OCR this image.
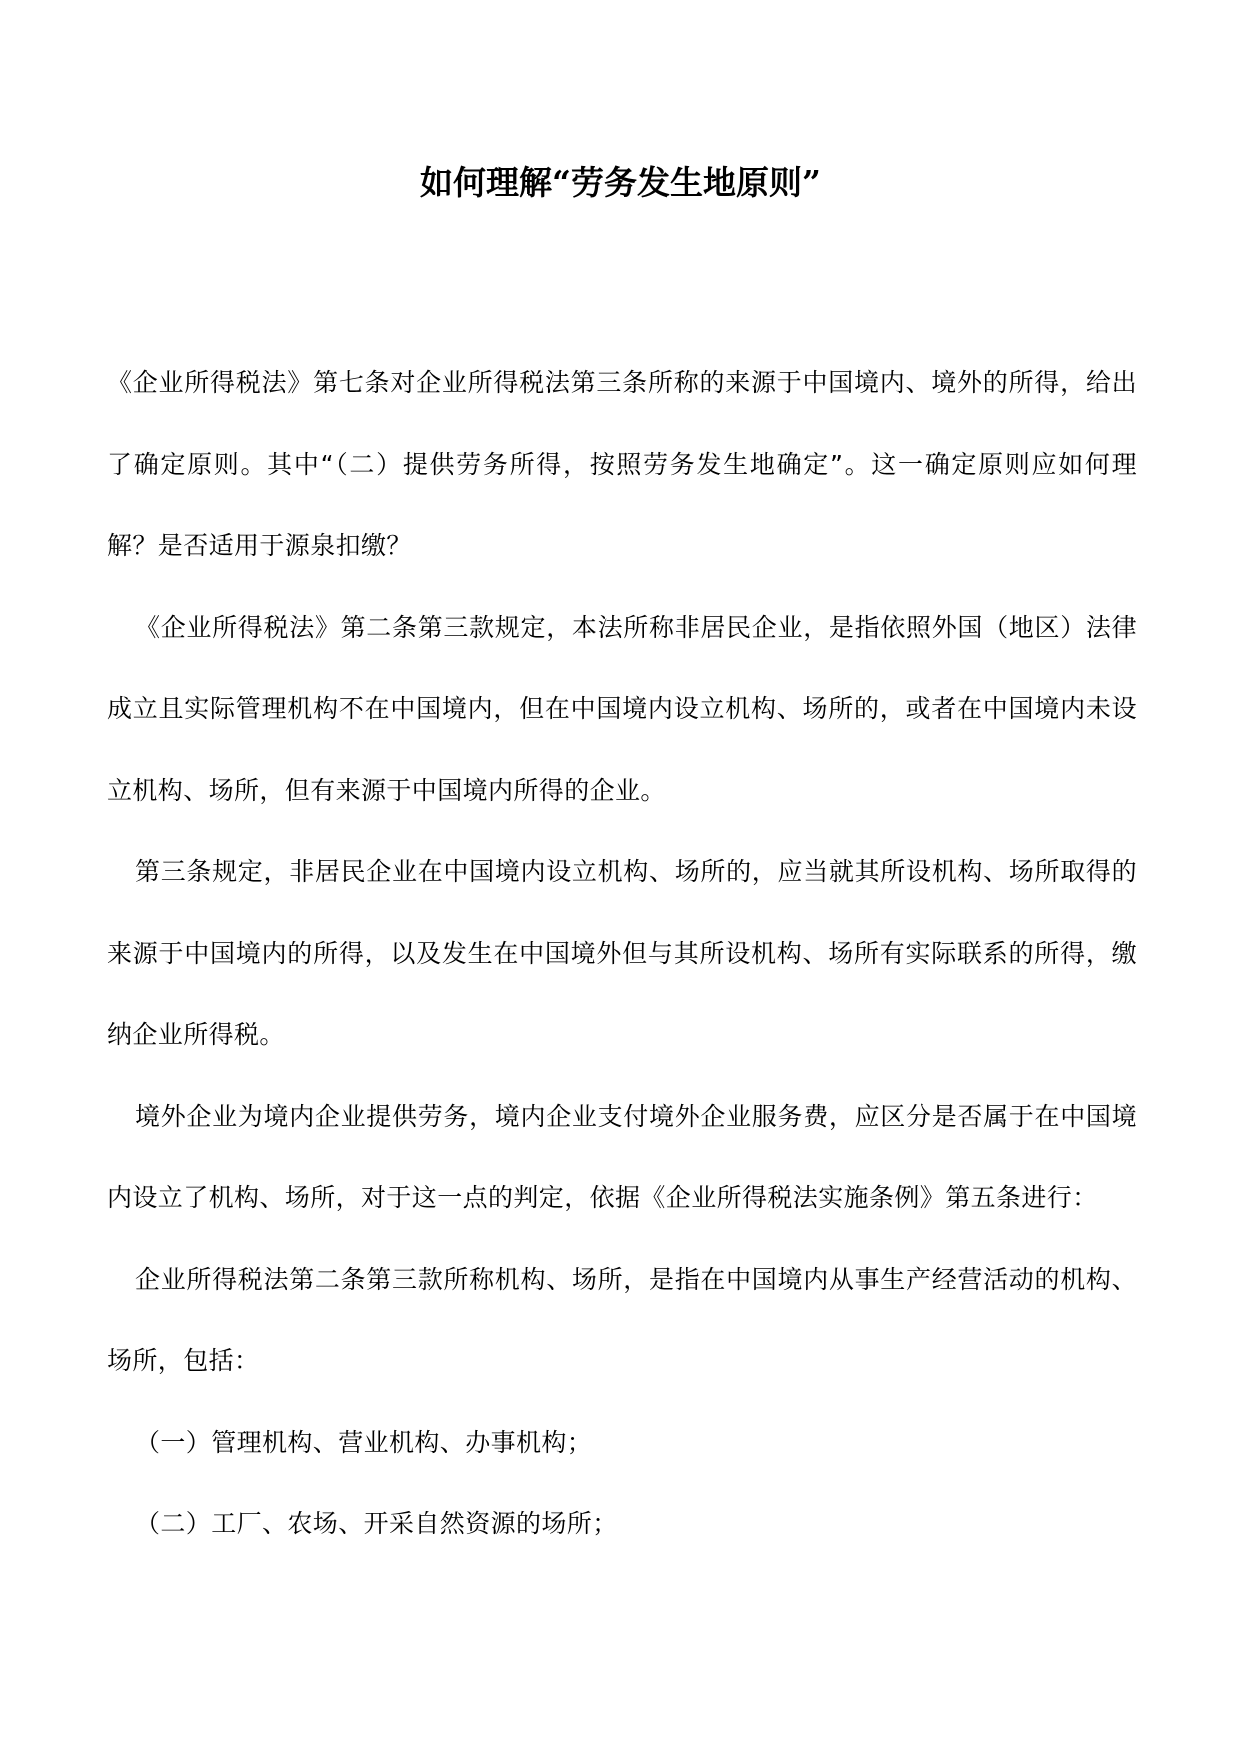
如何理解“劳务发生地原则”

《企业所得税法》第七条对企业所得税法第三条所称的来源于中国境内、境外的所得，给出了确定原则。其中“（二）提供劳务所得，按照劳务发生地确定”。这一确定原则应如何理解？是否适用于源泉扣缴？

《企业所得税法》第二条第三款规定，本法所称非居民企业，是指依照外国（地区）法律成立且实际管理机构不在中国境内，但在中国境内设立机构、场所的，或者在中国境内未设立机构、场所，但有来源于中国境内所得的企业。

第三条规定，非居民企业在中国境内设立机构、场所的，应当就其所设机构、场所取得的来源于中国境内的所得，以及发生在中国境外但与其所设机构、场所有实际联系的所得，缴纳企业所得税。

境外企业为境内企业提供劳务，境内企业支付境外企业服务费，应区分是否属于在中国境内设立了机构、场所，对于这一点的判定，依据《企业所得税法实施条例》第五条进行：

企业所得税法第二条第三款所称机构、场所，是指在中国境内从事生产经营活动的机构、场所，包括：

（一）管理机构、营业机构、办事机构；

（二）工厂、农场、开采自然资源的场所；
